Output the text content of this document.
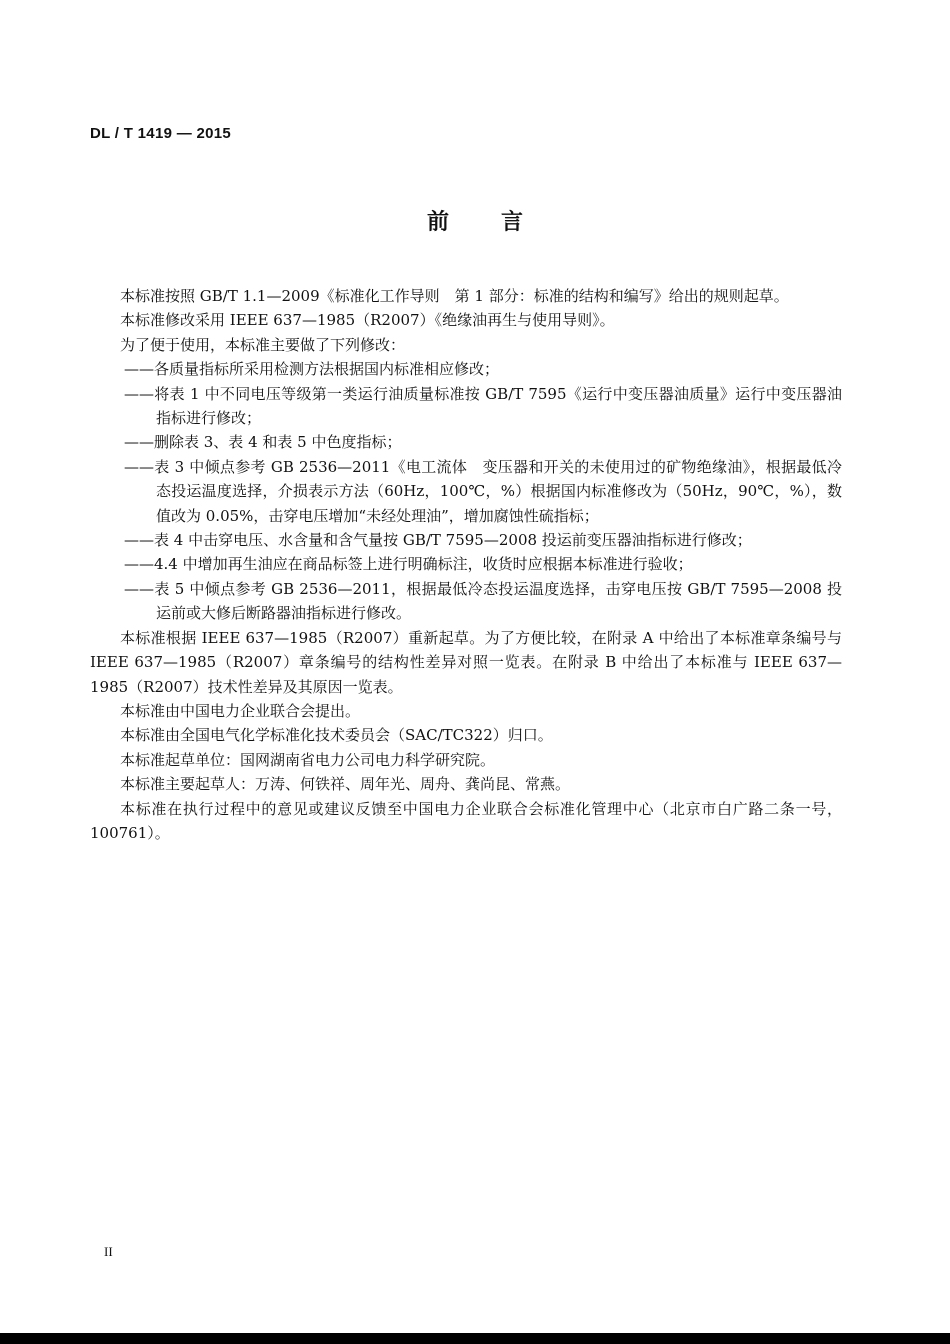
DL / T 1419 — 2015
前言

本标准按照 GB/T 1.1—2009《标准化工作导则　第 1 部分：标准的结构和编写》给出的规则起草。

本标准修改采用 IEEE 637—1985（R2007）《绝缘油再生与使用导则》。

为了便于使用，本标准主要做了下列修改：

——各质量指标所采用检测方法根据国内标准相应修改；

——将表 1 中不同电压等级第一类运行油质量标准按 GB/T 7595《运行中变压器油质量》运行中变压器油指标进行修改；

——删除表 3、表 4 和表 5 中色度指标；

——表 3 中倾点参考 GB 2536—2011《电工流体　变压器和开关的未使用过的矿物绝缘油》，根据最低冷态投运温度选择，介损表示方法（60Hz，100℃，%）根据国内标准修改为（50Hz，90℃，%），数值改为 0.05%，击穿电压增加“未经处理油”，增加腐蚀性硫指标；

——表 4 中击穿电压、水含量和含气量按 GB/T 7595—2008 投运前变压器油指标进行修改；

——4.4 中增加再生油应在商品标签上进行明确标注，收货时应根据本标准进行验收；

——表 5 中倾点参考 GB 2536—2011，根据最低冷态投运温度选择，击穿电压按 GB/T 7595—2008 投运前或大修后断路器油指标进行修改。

本标准根据 IEEE 637—1985（R2007）重新起草。为了方便比较，在附录 A 中给出了本标准章条编号与 IEEE 637—1985（R2007）章条编号的结构性差异对照一览表。在附录 B 中给出了本标准与 IEEE 637—1985（R2007）技术性差异及其原因一览表。

本标准由中国电力企业联合会提出。

本标准由全国电气化学标准化技术委员会（SAC/TC322）归口。

本标准起草单位：国网湖南省电力公司电力科学研究院。

本标准主要起草人：万涛、何铁祥、周年光、周舟、龚尚昆、常燕。

本标准在执行过程中的意见或建议反馈至中国电力企业联合会标准化管理中心（北京市白广路二条一号，100761）。

II
